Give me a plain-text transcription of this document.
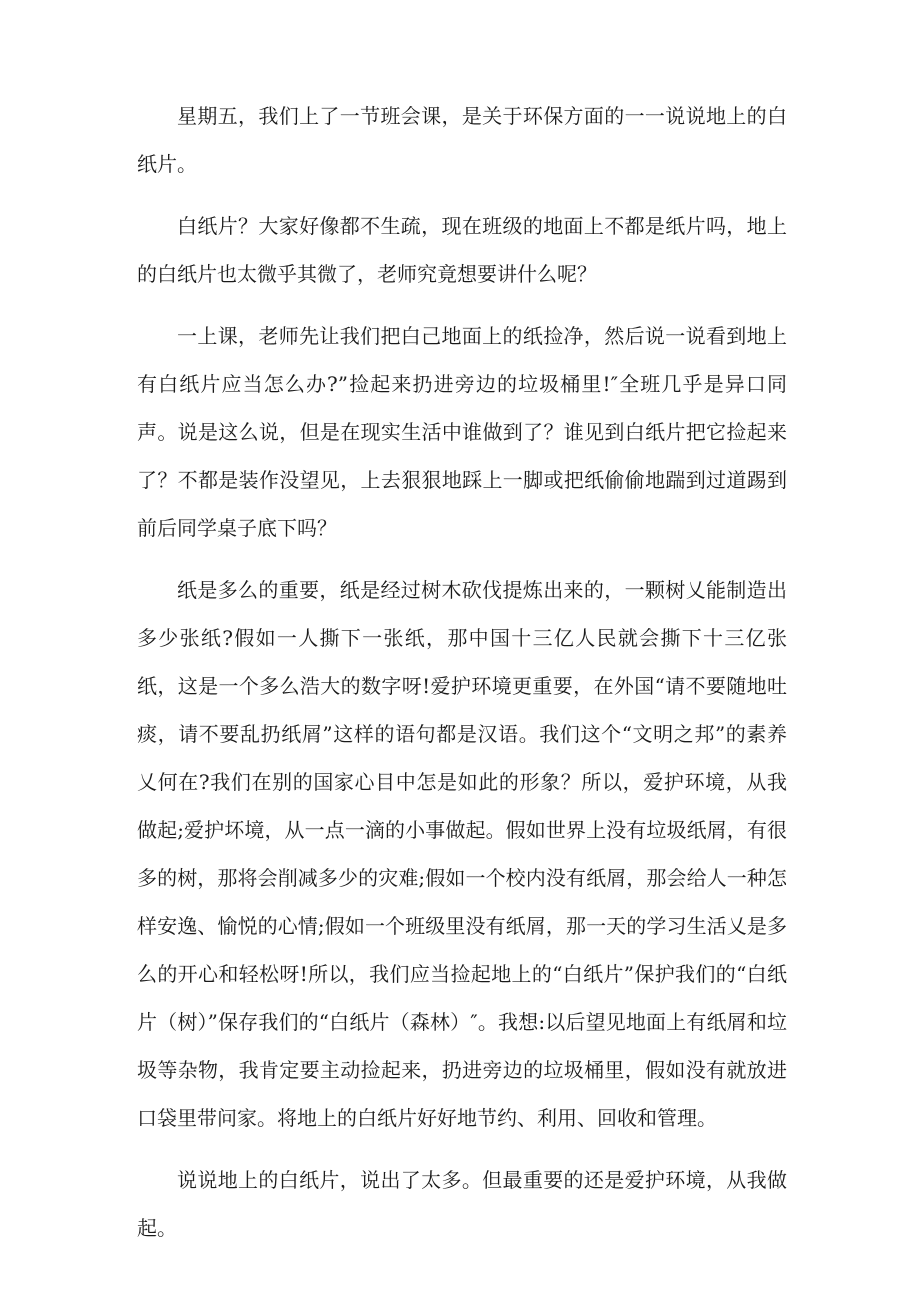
星期五，我们上了一节班会课，是关于环保方面的一一说说地上的白纸片。

白纸片？大家好像都不生疏，现在班级的地面上不都是纸片吗，地上的白纸片也太微乎其微了，老师究竟想要讲什么呢？

一上课，老师先让我们把白己地面上的纸捡净，然后说一说看到地上有白纸片应当怎么办?”捡起来扔进旁边的垃圾桶里!″全班几乎是异口同声。说是这么说，但是在现实生活中谁做到了？谁见到白纸片把它捡起来了？不都是装作没望见，上去狠狠地踩上一脚或把纸偷偷地踹到过道踢到前后同学桌子底下吗？

纸是多么的重要，纸是经过树木砍伐提炼出来的，一颗树乂能制造出多少张纸?假如一人撕下一张纸，那中国十三亿人民就会撕下十三亿张纸，这是一个多么浩大的数字呀!爱护环境更重要，在外国“请不要随地吐痰，请不要乱扔纸屑”这样的语句都是汉语。我们这个“文明之邦”的素养乂何在?我们在别的国家心目中怎是如此的形象？所以，爱护环境，从我做起;爱护坏境，从一点一滴的小事做起。假如世界上没有垃圾纸屑，有很多的树，那将会削减多少的灾难;假如一个校内没有纸屑，那会给人一种怎样安逸、愉悦的心情;假如一个班级里没有纸屑，那一天的学习生活乂是多么的开心和轻松呀!所以，我们应当捡起地上的“白纸片”保护我们的“白纸片（树）”保存我们的“白纸片（森林）″。我想:以后望见地面上有纸屑和垃圾等杂物，我肯定要主动捡起来，扔进旁边的垃圾桶里，假如没有就放进口袋里带问家。将地上的白纸片好好地节约、利用、回收和管理。

说说地上的白纸片，说出了太多。但最重要的还是爱护环境，从我做起。
